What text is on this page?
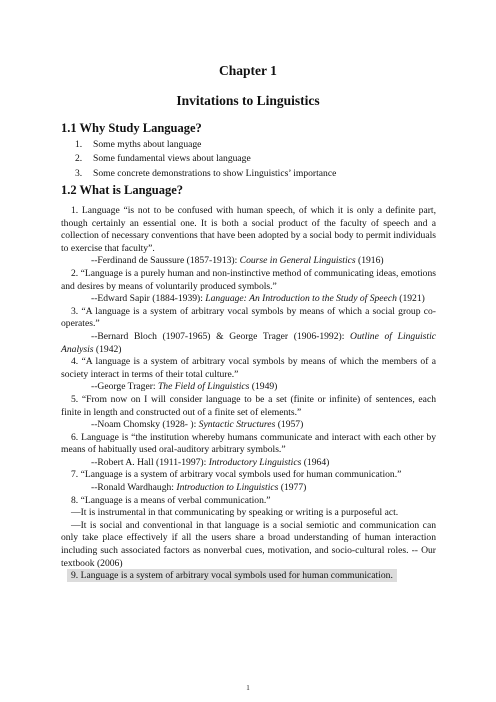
Chapter 1
Invitations to Linguistics
1.1 Why Study Language?
1. Some myths about language
2. Some fundamental views about language
3. Some concrete demonstrations to show Linguistics’ importance
1.2 What is Language?

1. Language “is not to be confused with human speech, of which it is only a definite part, though certainly an essential one. It is both a social product of the faculty of speech and a collection of necessary conventions that have been adopted by a social body to permit individuals to exercise that faculty”.

--Ferdinand de Saussure (1857-1913): Course in General Linguistics (1916)

2. “Language is a purely human and non-instinctive method of communicating ideas, emotions and desires by means of voluntarily produced symbols.”

--Edward Sapir (1884-1939): Language: An Introduction to the Study of Speech (1921)

3. “A language is a system of arbitrary vocal symbols by means of which a social group co-operates.”

--Bernard Bloch (1907-1965) & George Trager (1906-1992): Outline of Linguistic Analysis (1942)

4. “A language is a system of arbitrary vocal symbols by means of which the members of a society interact in terms of their total culture.”

--George Trager: The Field of Linguistics (1949)

5. “From now on I will consider language to be a set (finite or infinite) of sentences, each finite in length and constructed out of a finite set of elements.”

--Noam Chomsky (1928- ): Syntactic Structures (1957)

6. Language is “the institution whereby humans communicate and interact with each other by means of habitually used oral-auditory arbitrary symbols.”

--Robert A. Hall (1911-1997): Introductory Linguistics (1964)

7. “Language is a system of arbitrary vocal symbols used for human communication.”

--Ronald Wardhaugh: Introduction to Linguistics (1977)

8. “Language is a means of verbal communication.”

—It is instrumental in that communicating by speaking or writing is a purposeful act.

—It is social and conventional in that language is a social semiotic and communication can only take place effectively if all the users share a broad understanding of human interaction including such associated factors as nonverbal cues, motivation, and socio-cultural roles. -- Our textbook (2006)

9. Language is a system of arbitrary vocal symbols used for human communication.

1
